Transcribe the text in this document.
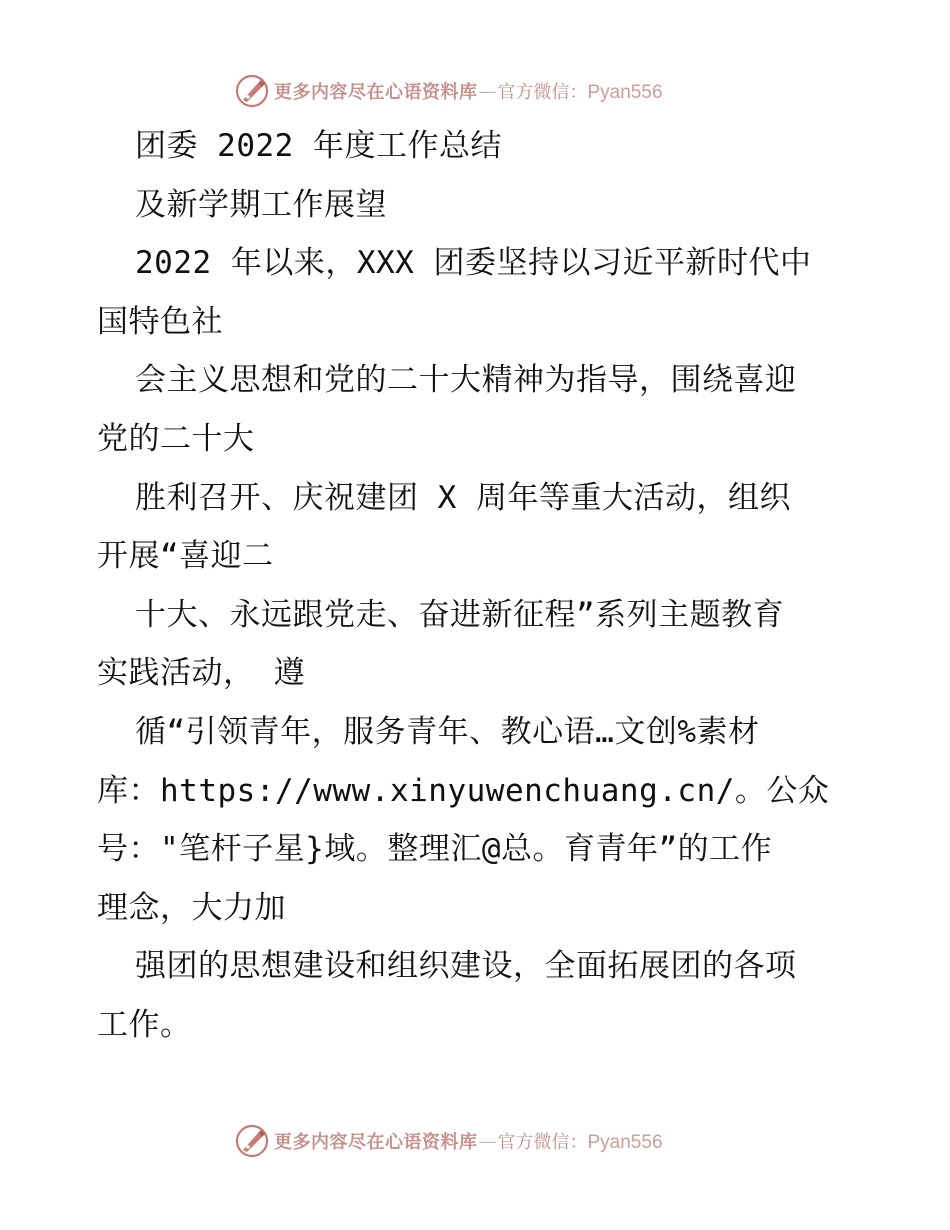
更多内容尽在心语资料库 — 官方微信：Pyan556
团委 2022 年度工作总结
及新学期工作展望
2022 年以来，XXX 团委坚持以习近平新时代中
国特色社
会主义思想和党的二十大精神为指导，围绕喜迎
党的二十大
胜利召开、庆祝建团 X 周年等重大活动，组织
开展“喜迎二
十大、永远跟党走、奋进新征程”系列主题教育
实践活动， 遵
循“引领青年，服务青年、教心语…文创%素材
库：https://www.xinyuwenchuang.cn/。公众
号："笔杆子星}域。整理汇@总。育青年”的工作
理念，大力加
强团的思想建设和组织建设，全面拓展团的各项
工作。
更多内容尽在心语资料库 — 官方微信：Pyan556
